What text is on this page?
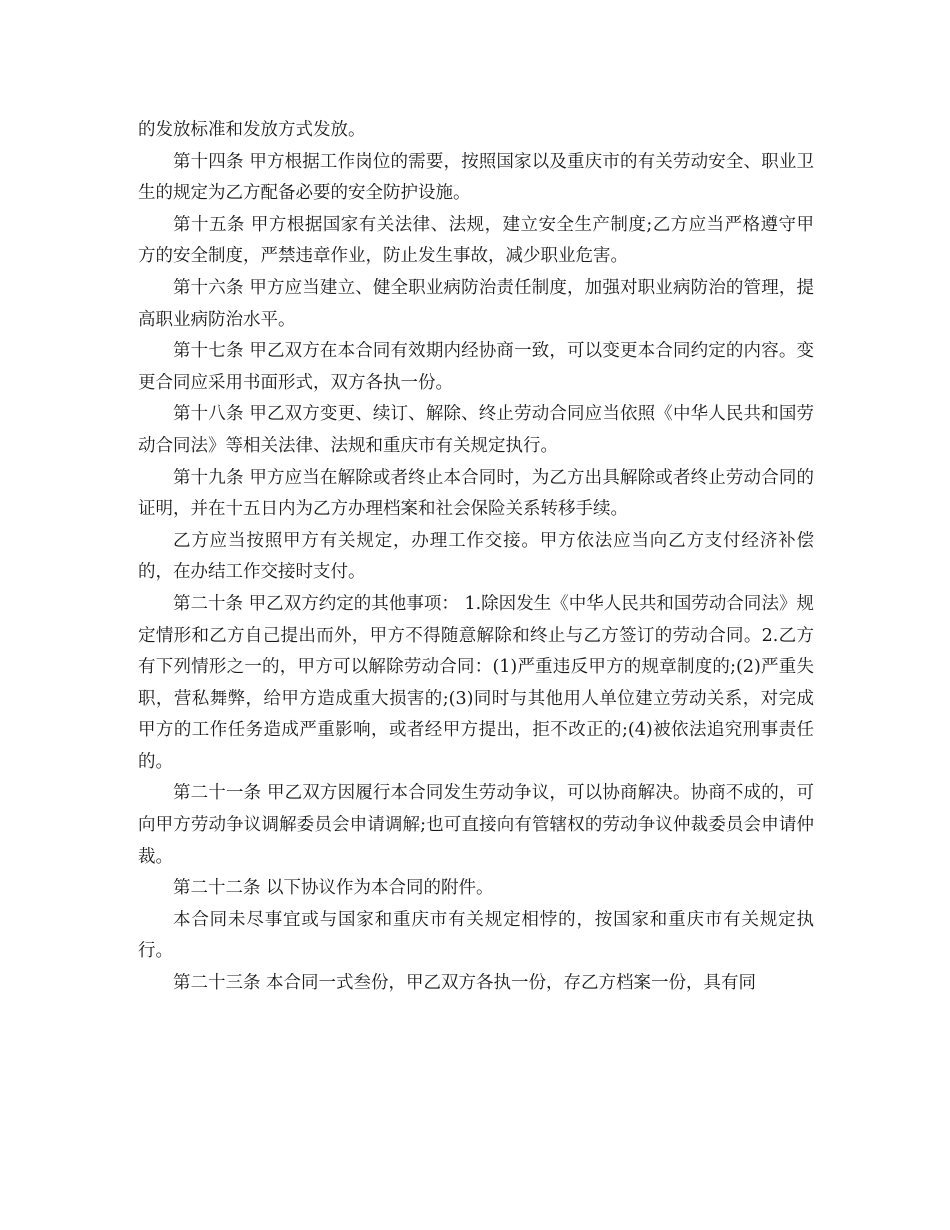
的发放标准和发放方式发放。

第十四条 甲方根据工作岗位的需要，按照国家以及重庆市的有关劳动安全、职业卫生的规定为乙方配备必要的安全防护设施。

第十五条 甲方根据国家有关法律、法规，建立安全生产制度;乙方应当严格遵守甲方的安全制度，严禁违章作业，防止发生事故，减少职业危害。

第十六条 甲方应当建立、健全职业病防治责任制度，加强对职业病防治的管理，提高职业病防治水平。

第十七条 甲乙双方在本合同有效期内经协商一致，可以变更本合同约定的内容。变更合同应采用书面形式，双方各执一份。

第十八条 甲乙双方变更、续订、解除、终止劳动合同应当依照《中华人民共和国劳动合同法》等相关法律、法规和重庆市有关规定执行。

第十九条 甲方应当在解除或者终止本合同时，为乙方出具解除或者终止劳动合同的证明，并在十五日内为乙方办理档案和社会保险关系转移手续。

乙方应当按照甲方有关规定，办理工作交接。甲方依法应当向乙方支付经济补偿的，在办结工作交接时支付。

第二十条 甲乙双方约定的其他事项： 1.除因发生《中华人民共和国劳动合同法》规定情形和乙方自己提出而外，甲方不得随意解除和终止与乙方签订的劳动合同。2.乙方有下列情形之一的，甲方可以解除劳动合同：(1)严重违反甲方的规章制度的;(2)严重失职，营私舞弊，给甲方造成重大损害的;(3)同时与其他用人单位建立劳动关系，对完成甲方的工作任务造成严重影响，或者经甲方提出，拒不改正的;(4)被依法追究刑事责任的。

第二十一条 甲乙双方因履行本合同发生劳动争议，可以协商解决。协商不成的，可向甲方劳动争议调解委员会申请调解;也可直接向有管辖权的劳动争议仲裁委员会申请仲裁。

第二十二条 以下协议作为本合同的附件。

本合同未尽事宜或与国家和重庆市有关规定相悖的，按国家和重庆市有关规定执行。

第二十三条 本合同一式叁份，甲乙双方各执一份，存乙方档案一份，具有同
